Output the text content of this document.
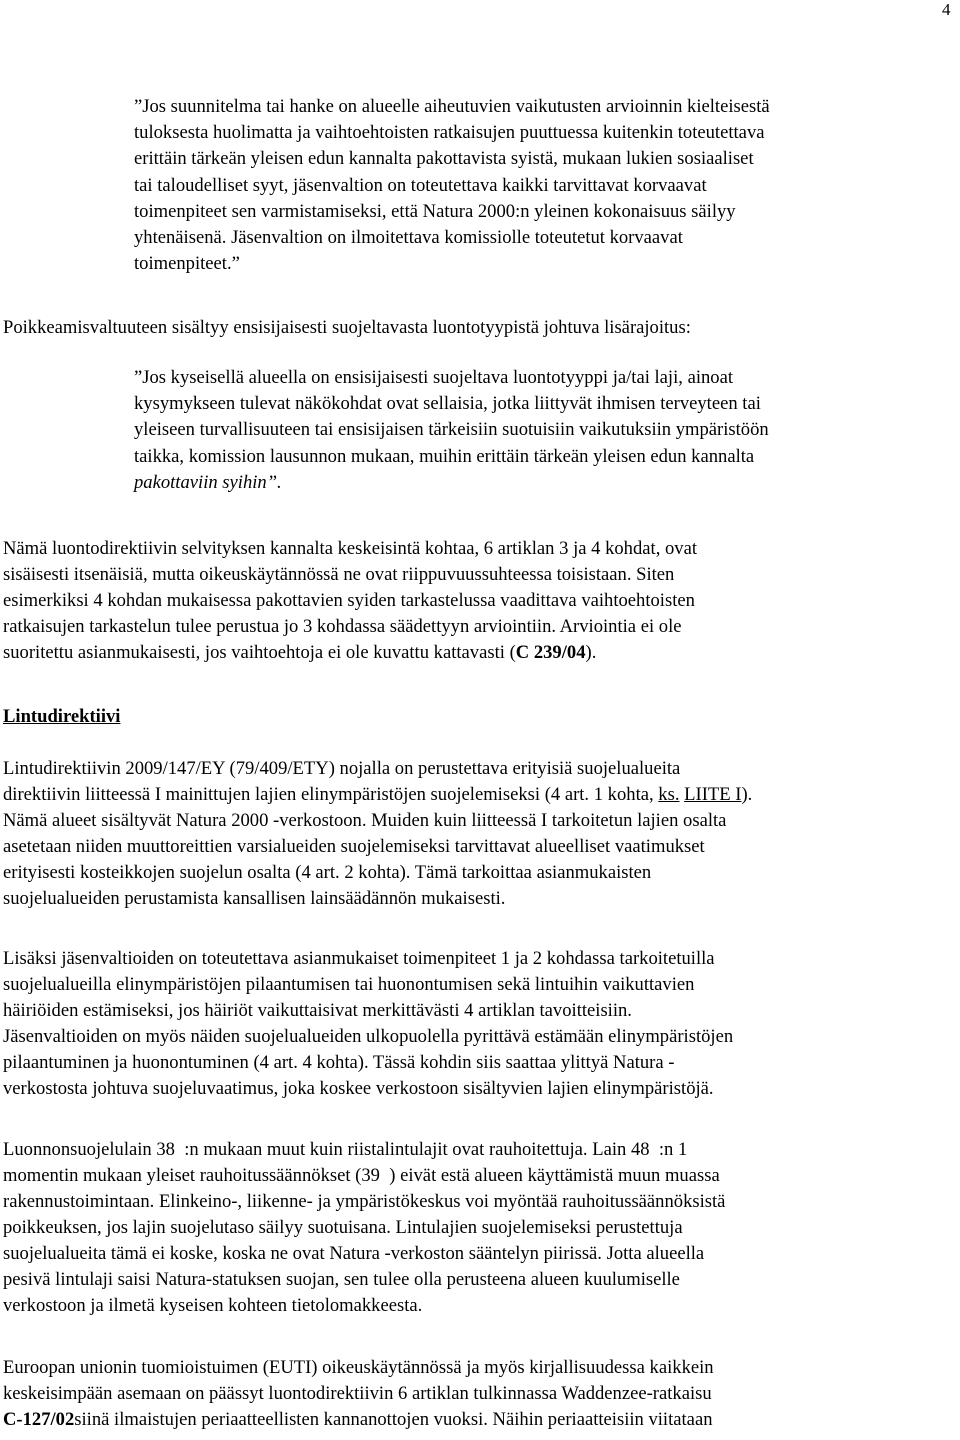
4
”Jos suunnitelma tai hanke on alueelle aiheutuvien vaikutusten arvioinnin kielteisestä
tuloksesta huolimatta ja vaihtoehtoisten ratkaisujen puuttuessa kuitenkin toteutettava
erittäin tärkeän yleisen edun kannalta pakottavista syistä, mukaan lukien sosiaaliset
tai taloudelliset syyt, jäsenvaltion on toteutettava kaikki tarvittavat korvaavat
toimenpiteet sen varmistamiseksi, että Natura 2000:n yleinen kokonaisuus säilyy
yhtenäisenä. Jäsenvaltion on ilmoitettava komissiolle toteutetut korvaavat
toimenpiteet.”
Poikkeamisvaltuuteen sisältyy ensisijaisesti suojeltavasta luontotyypistä johtuva lisärajoitus:
”Jos kyseisellä alueella on ensisijaisesti suojeltava luontotyyppi ja/tai laji, ainoat
kysymykseen tulevat näkökohdat ovat sellaisia, jotka liittyvät ihmisen terveyteen tai
yleiseen turvallisuuteen tai ensisijaisen tärkeisiin suotuisiin vaikutuksiin ympäristöön
taikka, komission lausunnon mukaan, muihin erittäin tärkeän yleisen edun kannalta
pakottaviin syihin”.
Nämä luontodirektiivin selvityksen kannalta keskeisintä kohtaa, 6 artiklan 3 ja 4 kohdat, ovat
sisäisesti itsenäisiä, mutta oikeuskäytännössä ne ovat riippuvuussuhteessa toisistaan. Siten
esimerkiksi 4 kohdan mukaisessa pakottavien syiden tarkastelussa vaadittava vaihtoehtoisten
ratkaisujen tarkastelun tulee perustua jo 3 kohdassa säädettyyn arviointiin. Arviointia ei ole
suoritettu asianmukaisesti, jos vaihtoehtoja ei ole kuvattu kattavasti (C 239/04).
Lintudirektiivi
Lintudirektiivin 2009/147/EY (79/409/ETY) nojalla on perustettava erityisiä suojelualueita
direktiivin liitteessä I mainittujen lajien elinympäristöjen suojelemiseksi (4 art. 1 kohta, ks. LIITE I).
Nämä alueet sisältyvät Natura 2000 -verkostoon. Muiden kuin liitteessä I tarkoitetun lajien osalta
asetetaan niiden muuttoreittien varsialueiden suojelemiseksi tarvittavat alueelliset vaatimukset
erityisesti kosteikkojen suojelun osalta (4 art. 2 kohta). Tämä tarkoittaa asianmukaisten
suojelualueiden perustamista kansallisen lainsäädännön mukaisesti.
Lisäksi jäsenvaltioiden on toteutettava asianmukaiset toimenpiteet 1 ja 2 kohdassa tarkoitetuilla
suojelualueilla elinympäristöjen pilaantumisen tai huonontumisen sekä lintuihin vaikuttavien
häiriöiden estämiseksi, jos häiriöt vaikuttaisivat merkittävästi 4 artiklan tavoitteisiin.
Jäsenvaltioiden on myös näiden suojelualueiden ulkopuolella pyrittävä estämään elinympäristöjen
pilaantuminen ja huonontuminen (4 art. 4 kohta). Tässä kohdin siis saattaa ylittyä Natura -
verkostosta johtuva suojeluvaatimus, joka koskee verkostoon sisältyvien lajien elinympäristöjä.
Luonnonsuojelulain 38  :n mukaan muut kuin riistalintulajit ovat rauhoitettuja. Lain 48  :n 1
momentin mukaan yleiset rauhoitussäännökset (39  ) eivät estä alueen käyttämistä muun muassa
rakennustoimintaan. Elinkeino-, liikenne- ja ympäristökeskus voi myöntää rauhoitussäännöksistä
poikkeuksen, jos lajin suojelutaso säilyy suotuisana. Lintulajien suojelemiseksi perustettuja
suojelualueita tämä ei koske, koska ne ovat Natura -verkoston sääntelyn piirissä. Jotta alueella
pesivä lintulaji saisi Natura-statuksen suojan, sen tulee olla perusteena alueen kuulumiselle
verkostoon ja ilmetä kyseisen kohteen tietolomakkeesta.
Euroopan unionin tuomioistuimen (EUTI) oikeuskäytännössä ja myös kirjallisuudessa kaikkein
keskeisimpään asemaan on päässyt luontodirektiivin 6 artiklan tulkinnassa Waddenzee-ratkaisu
C-127/02siinä ilmaistujen periaatteellisten kannanottojen vuoksi. Näihin periaatteisiin viitataan
